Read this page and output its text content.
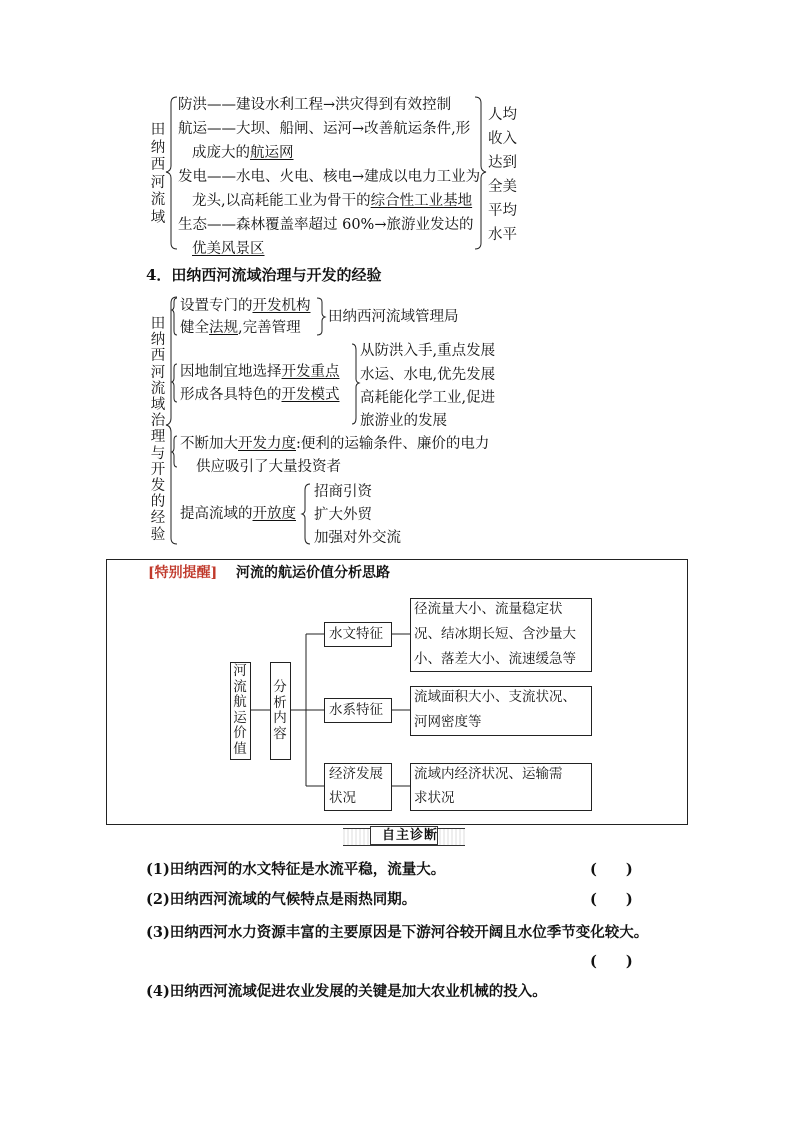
田纳西河流域
防洪——建设水利工程→洪灾得到有效控制
航运——大坝、船闸、运河→改善航运条件,形
成庞大的航运网
发电——水电、火电、核电→建成以电力工业为
龙头,以高耗能工业为骨干的综合性工业基地
生态——森林覆盖率超过 60%→旅游业发达的
优美风景区
人均
收入
达到
全美
平均
水平
4．田纳西河流域治理与开发的经验
田纳西河流域治理与开发的经验
设置专门的开发机构
健全法规,完善管理
田纳西河流域管理局
因地制宜地选择开发重点
形成各具特色的开发模式
从防洪入手,重点发展
水运、水电,优先发展
高耗能化学工业,促进
旅游业的发展
不断加大开发力度:便利的运输条件、廉价的电力
供应吸引了大量投资者
提高流域的开放度
招商引资
扩大外贸
加强对外交流
[特别提醒] 河流的航运价值分析思路
河流航运价值
分析内容
水文特征
径流量大小、流量稳定状
况、结冰期长短、含沙量大
小、落差大小、流速缓急等
水系特征
流域面积大小、支流状况、
河网密度等
经济发展
状况
流域内经济状况、运输需
求状况
自主诊断
(1)田纳西河的水文特征是水流平稳，流量大。	(　　)
(2)田纳西河流域的气候特点是雨热同期。	(　　)
(3)田纳西河水力资源丰富的主要原因是下游河谷较开阔且水位季节变化较大。
(　　)
(4)田纳西河流域促进农业发展的关键是加大农业机械的投入。
